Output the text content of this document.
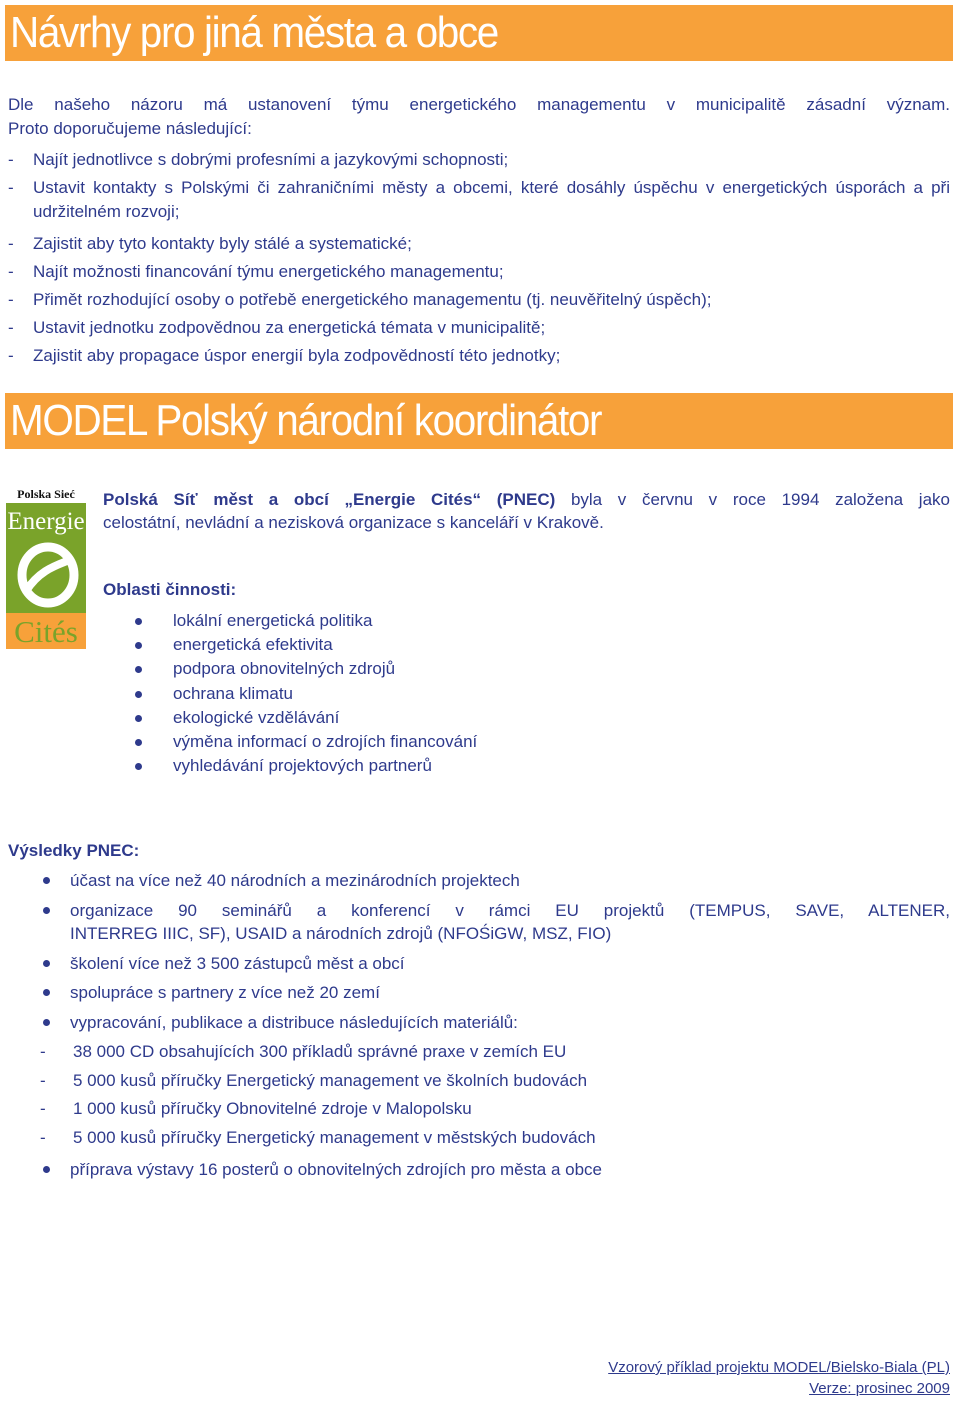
Návrhy pro jiná města a obce
Dle našeho názoru má ustanovení týmu energetického managementu v municipalitě zásadní význam.
Proto doporučujeme následující:
- Najít jednotlivce s dobrými profesními a jazykovými schopnosti;
- Ustavit kontakty s Polskými či zahraničními městy a obcemi, které dosáhly úspěchu v energetických úsporách a při udržitelném rozvoji;
- Zajistit aby tyto kontakty byly stálé a systematické;
- Najít možnosti financování týmu energetického managementu;
- Přimět rozhodující osoby o potřebě energetického managementu (tj. neuvěřitelný úspěch);
- Ustavit jednotku zodpovědnou za energetická témata v municipalitě;
- Zajistit aby propagace úspor energií byla zodpovědností této jednotky;
MODEL Polský národní koordinátor
Polska Sieć
Energie
Cités
Polská Síť měst a obcí „Energie Cités“ (PNEC) byla v červnu v roce 1994 založena jako
celostátní, nevládní a nezisková organizace s kanceláří v Krakově.
Oblasti činnosti:
lokální energetická politika
energetická efektivita
podpora obnovitelných zdrojů
ochrana klimatu
ekologické vzdělávání
výměna informací o zdrojích financování
vyhledávání projektových partnerů
Výsledky PNEC:
účast na více než 40 národních a mezinárodních projektech
organizace 90 seminářů a konferencí v rámci EU projektů (TEMPUS, SAVE, ALTENER,
INTERREG IIIC, SF), USAID a národních zdrojů (NFOŚiGW, MSZ, FIO)
školení více než 3 500 zástupců měst a obcí
spolupráce s partnery z více než 20 zemí
vypracování, publikace a distribuce následujících materiálů:
- 38 000 CD obsahujících 300 příkladů správné praxe v zemích EU
- 5 000 kusů příručky Energetický management ve školních budovách
- 1 000 kusů příručky Obnovitelné zdroje v Malopolsku
- 5 000 kusů příručky Energetický management v městských budovách
příprava výstavy 16 posterů o obnovitelných zdrojích pro města a obce
Vzorový příklad projektu MODEL/Bielsko-Biala (PL)
Verze: prosinec 2009
